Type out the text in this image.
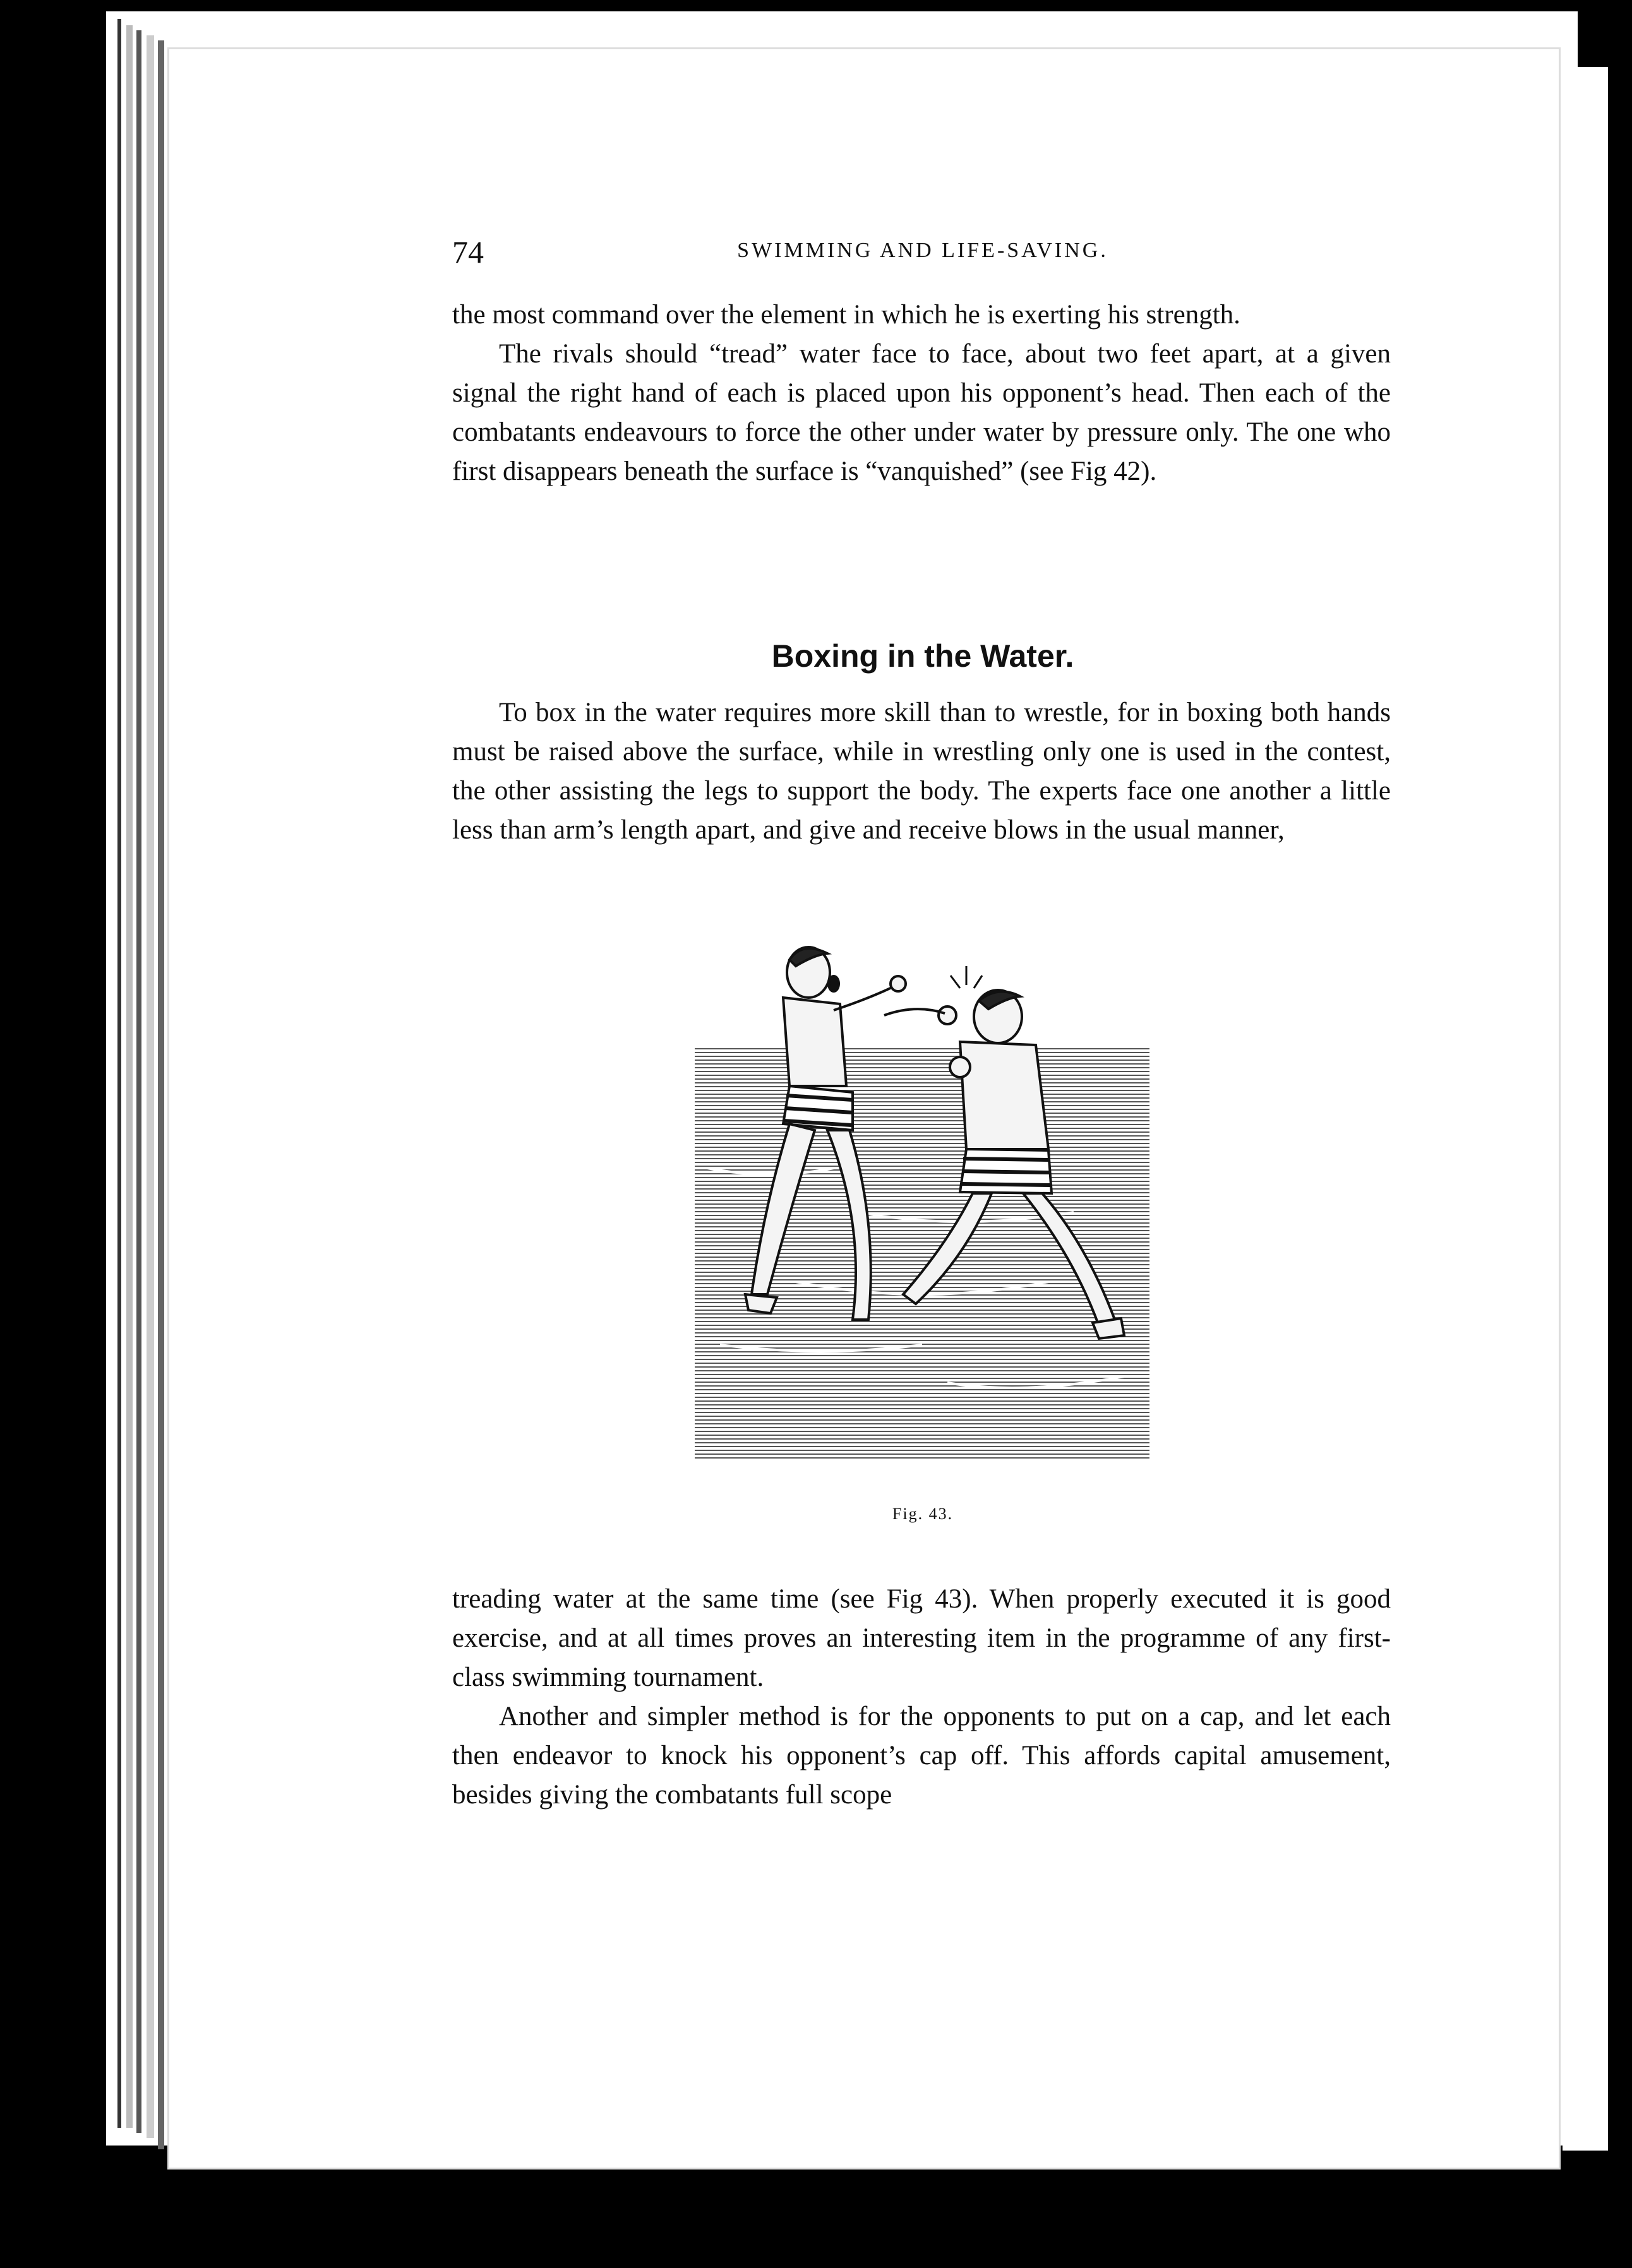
74	SWIMMING AND LIFE-SAVING.

the most command over the element in which he is exerting his strength.

The rivals should “tread” water face to face, about two feet apart, at a given signal the right hand of each is placed upon his opponent’s head. Then each of the combatants endeavours to force the other under water by pressure only. The one who first disappears beneath the surface is “vanquished” (see Fig 42).

Boxing in the Water.

To box in the water requires more skill than to wrestle, for in boxing both hands must be raised above the surface, while in wrestling only one is used in the contest, the other assisting the legs to support the body. The experts face one another a little less than arm’s length apart, and give and receive blows in the usual manner,

Fig. 43.

treading water at the same time (see Fig 43). When properly executed it is good exercise, and at all times proves an interesting item in the programme of any first-class swimming tournament.

Another and simpler method is for the opponents to put on a cap, and let each then endeavor to knock his opponent’s cap off. This affords capital amusement, besides giving the combatants full scope
